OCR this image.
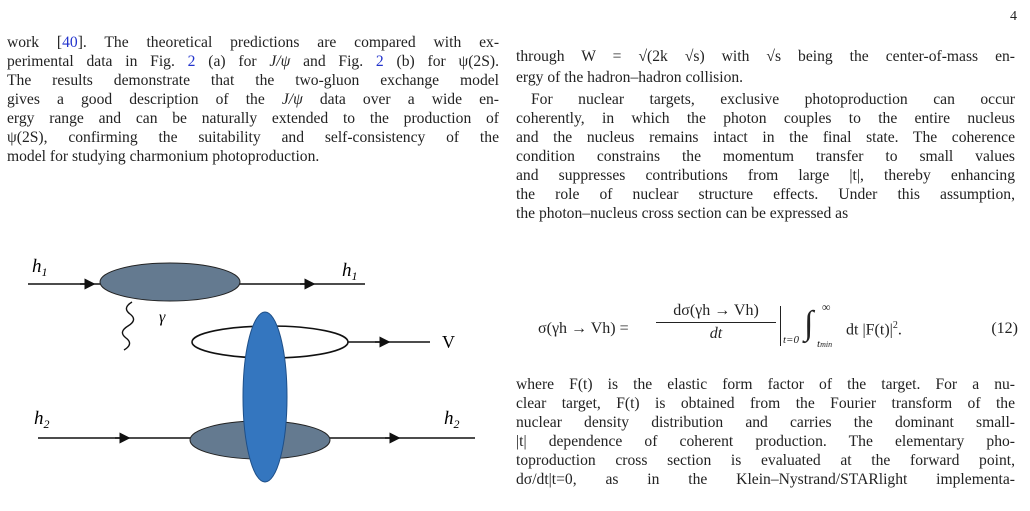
4
work [40]. The theoretical predictions are compared with ex-
perimental data in Fig. 2 (a) for J/ψ and Fig. 2 (b) for ψ(2S).
The results demonstrate that the two-gluon exchange model
gives a good description of the J/ψ data over a wide en-
ergy range and can be naturally extended to the production of
ψ(2S), confirming the suitability and self-consistency of the
model for studying charmonium photoproduction.
$h_1$	$h_1$
γ
V
$h_2$	$h_2$
through W = √(2k √s) with √s being the center-of-mass en-
ergy of the hadron–hadron collision.
For nuclear targets, exclusive photoproduction can occur
coherently, in which the photon couples to the entire nucleus
and the nucleus remains intact in the final state. The coherence
condition constrains the momentum transfer to small values
and suppresses contributions from large |t|, thereby enhancing
the role of nuclear structure effects. Under this assumption,
the photon–nucleus cross section can be expressed as
σ(γh → Vh) =
dσ(γh → Vh)
dt	t=0 ∫ ∞
tmin
dt $|F(t)|^2$.	(12)
where F(t) is the elastic form factor of the target. For a nu-
clear target, F(t) is obtained from the Fourier transform of the
nuclear density distribution and carries the dominant small-
|t| dependence of coherent production. The elementary pho-
toproduction cross section is evaluated at the forward point,
dσ/dt|t=0, as in the Klein–Nystrand/STARlight implementa-
